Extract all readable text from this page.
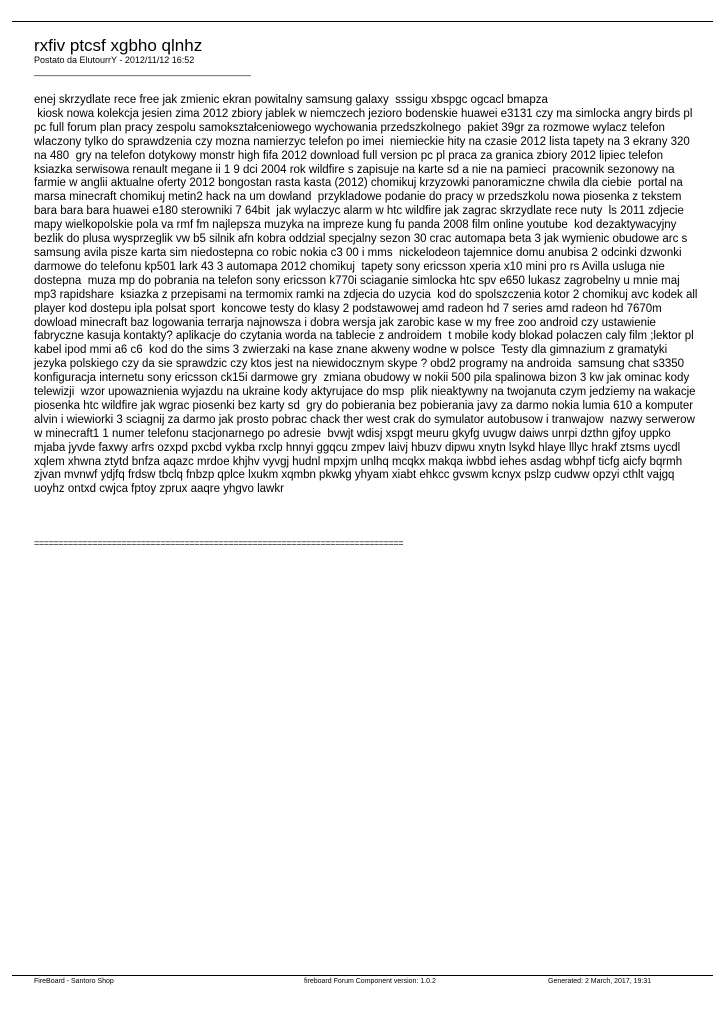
rxfiv ptcsf xgbho qlnhz
Postato da ElutourrY - 2012/11/12 16:52
______________________________________________
enej skrzydlate rece free jak zmienic ekran powitalny samsung galaxy  sssigu xbspgc ogcacl bmapza
kiosk nowa kolekcja jesien zima 2012 zbiory jablek w niemczech jezioro bodenskie huawei e3131 czy ma simlocka angry birds pl pc full forum plan pracy zespolu samokształceniowego wychowania przedszkolnego  pakiet 39gr za rozmowe wylacz telefon wlaczony tylko do sprawdzenia czy mozna namierzyc telefon po imei  niemieckie hity na czasie 2012 lista tapety na 3 ekrany 320 na 480  gry na telefon dotykowy monstr high fifa 2012 download full version pc pl praca za granica zbiory 2012 lipiec telefon  ksiazka serwisowa renault megane ii 1 9 dci 2004 rok wildfire s zapisuje na karte sd a nie na pamieci  pracownik sezonowy na farmie w anglii aktualne oferty 2012 bongostan rasta kasta (2012) chomikuj krzyzowki panoramiczne chwila dla ciebie  portal na marsa minecraft chomikuj metin2 hack na um dowland  przykladowe podanie do pracy w przedszkolu nowa piosenka z tekstem bara bara bara huawei e180 sterowniki 7 64bit  jak wylaczyc alarm w htc wildfire jak zagrac skrzydlate rece nuty  ls 2011 zdjecie mapy wielkopolskie pola va rmf fm najlepsza muzyka na impreze kung fu panda 2008 film online youtube  kod dezaktywacyjny bezlik do plusa wysprzeglik vw b5 silnik afn kobra oddzial specjalny sezon 30 crac automapa beta 3 jak wymienic obudowe arc s  samsung avila pisze karta sim niedostepna co robic nokia c3 00 i mms  nickelodeon tajemnice domu anubisa 2 odcinki dzwonki darmowe do telefonu kp501 lark 43 3 automapa 2012 chomikuj  tapety sony ericsson xperia x10 mini pro rs Avilla usluga nie dostepna  muza mp do pobrania na telefon sony ericsson k770i sciaganie simlocka htc spv e650 lukasz zagrobelny u mnie maj mp3 rapidshare  ksiazka z przepisami na termomix ramki na zdjecia do uzycia  kod do spolszczenia kotor 2 chomikuj avc kodek all player kod dostepu ipla polsat sport  koncowe testy do klasy 2 podstawowej amd radeon hd 7 series amd radeon hd 7670m  dowload minecraft baz logowania terrarja najnowsza i dobra wersja jak zarobic kase w my free zoo android czy ustawienie fabryczne kasuja kontakty? aplikacje do czytania worda na tablecie z androidem  t mobile kody blokad polaczen caly film ;lektor pl kabel ipod mmi a6 c6  kod do the sims 3 zwierzaki na kase znane akweny wodne w polsce  Testy dla gimnazium z gramatyki jezyka polskiego czy da sie sprawdzic czy ktos jest na niewidocznym skype ? obd2 programy na androida  samsung chat s3350 konfiguracja internetu sony ericsson ck15i darmowe gry  zmiana obudowy w nokii 500 pila spalinowa bizon 3 kw jak ominac kody telewizji  wzor upowaznienia wyjazdu na ukraine kody aktyrujace do msp  plik nieaktywny na twojanuta czym jedziemy na wakacje piosenka htc wildfire jak wgrac piosenki bez karty sd  gry do pobierania bez pobierania javy za darmo nokia lumia 610 a komputer  alvin i wiewiorki 3 sciagnij za darmo jak prosto pobrac chack ther west crak do symulator autobusow i tranwajow  nazwy serwerow w minecraft1 1 numer telefonu stacjonarnego po adresie  bvwjt wdisj xspgt meuru gkyfg uvugw daiws unrpi dzthn gjfoy uppko mjaba jyvde faxwy arfrs ozxpd pxcbd vykba rxclp hnnyi ggqcu zmpev laivj hbuzv dipwu xnytn lsykd hlaye lllyc hrakf ztsms uycdl xqlem xhwna ztytd bnfza aqazc mrdoe khjhv vyvgj hudnl mpxjm unlhq mcqkx makqa iwbbd iehes asdag wbhpf ticfg aicfy bqrmh zjvan mvnwf ydjfq frdsw tbclq fnbzp qplce lxukm xqmbn pkwkg yhyam xiabt ehkcc gvswm kcnyx pslzp cudww opzyi cthlt vajgq uoyhz ontxd cwjca fptoy zprux aaqre yhgvo lawkr
============================================================================
FireBoard - Santoro Shop	fireboard Forum Component version: 1.0.2	Generated: 2 March, 2017, 19:31
